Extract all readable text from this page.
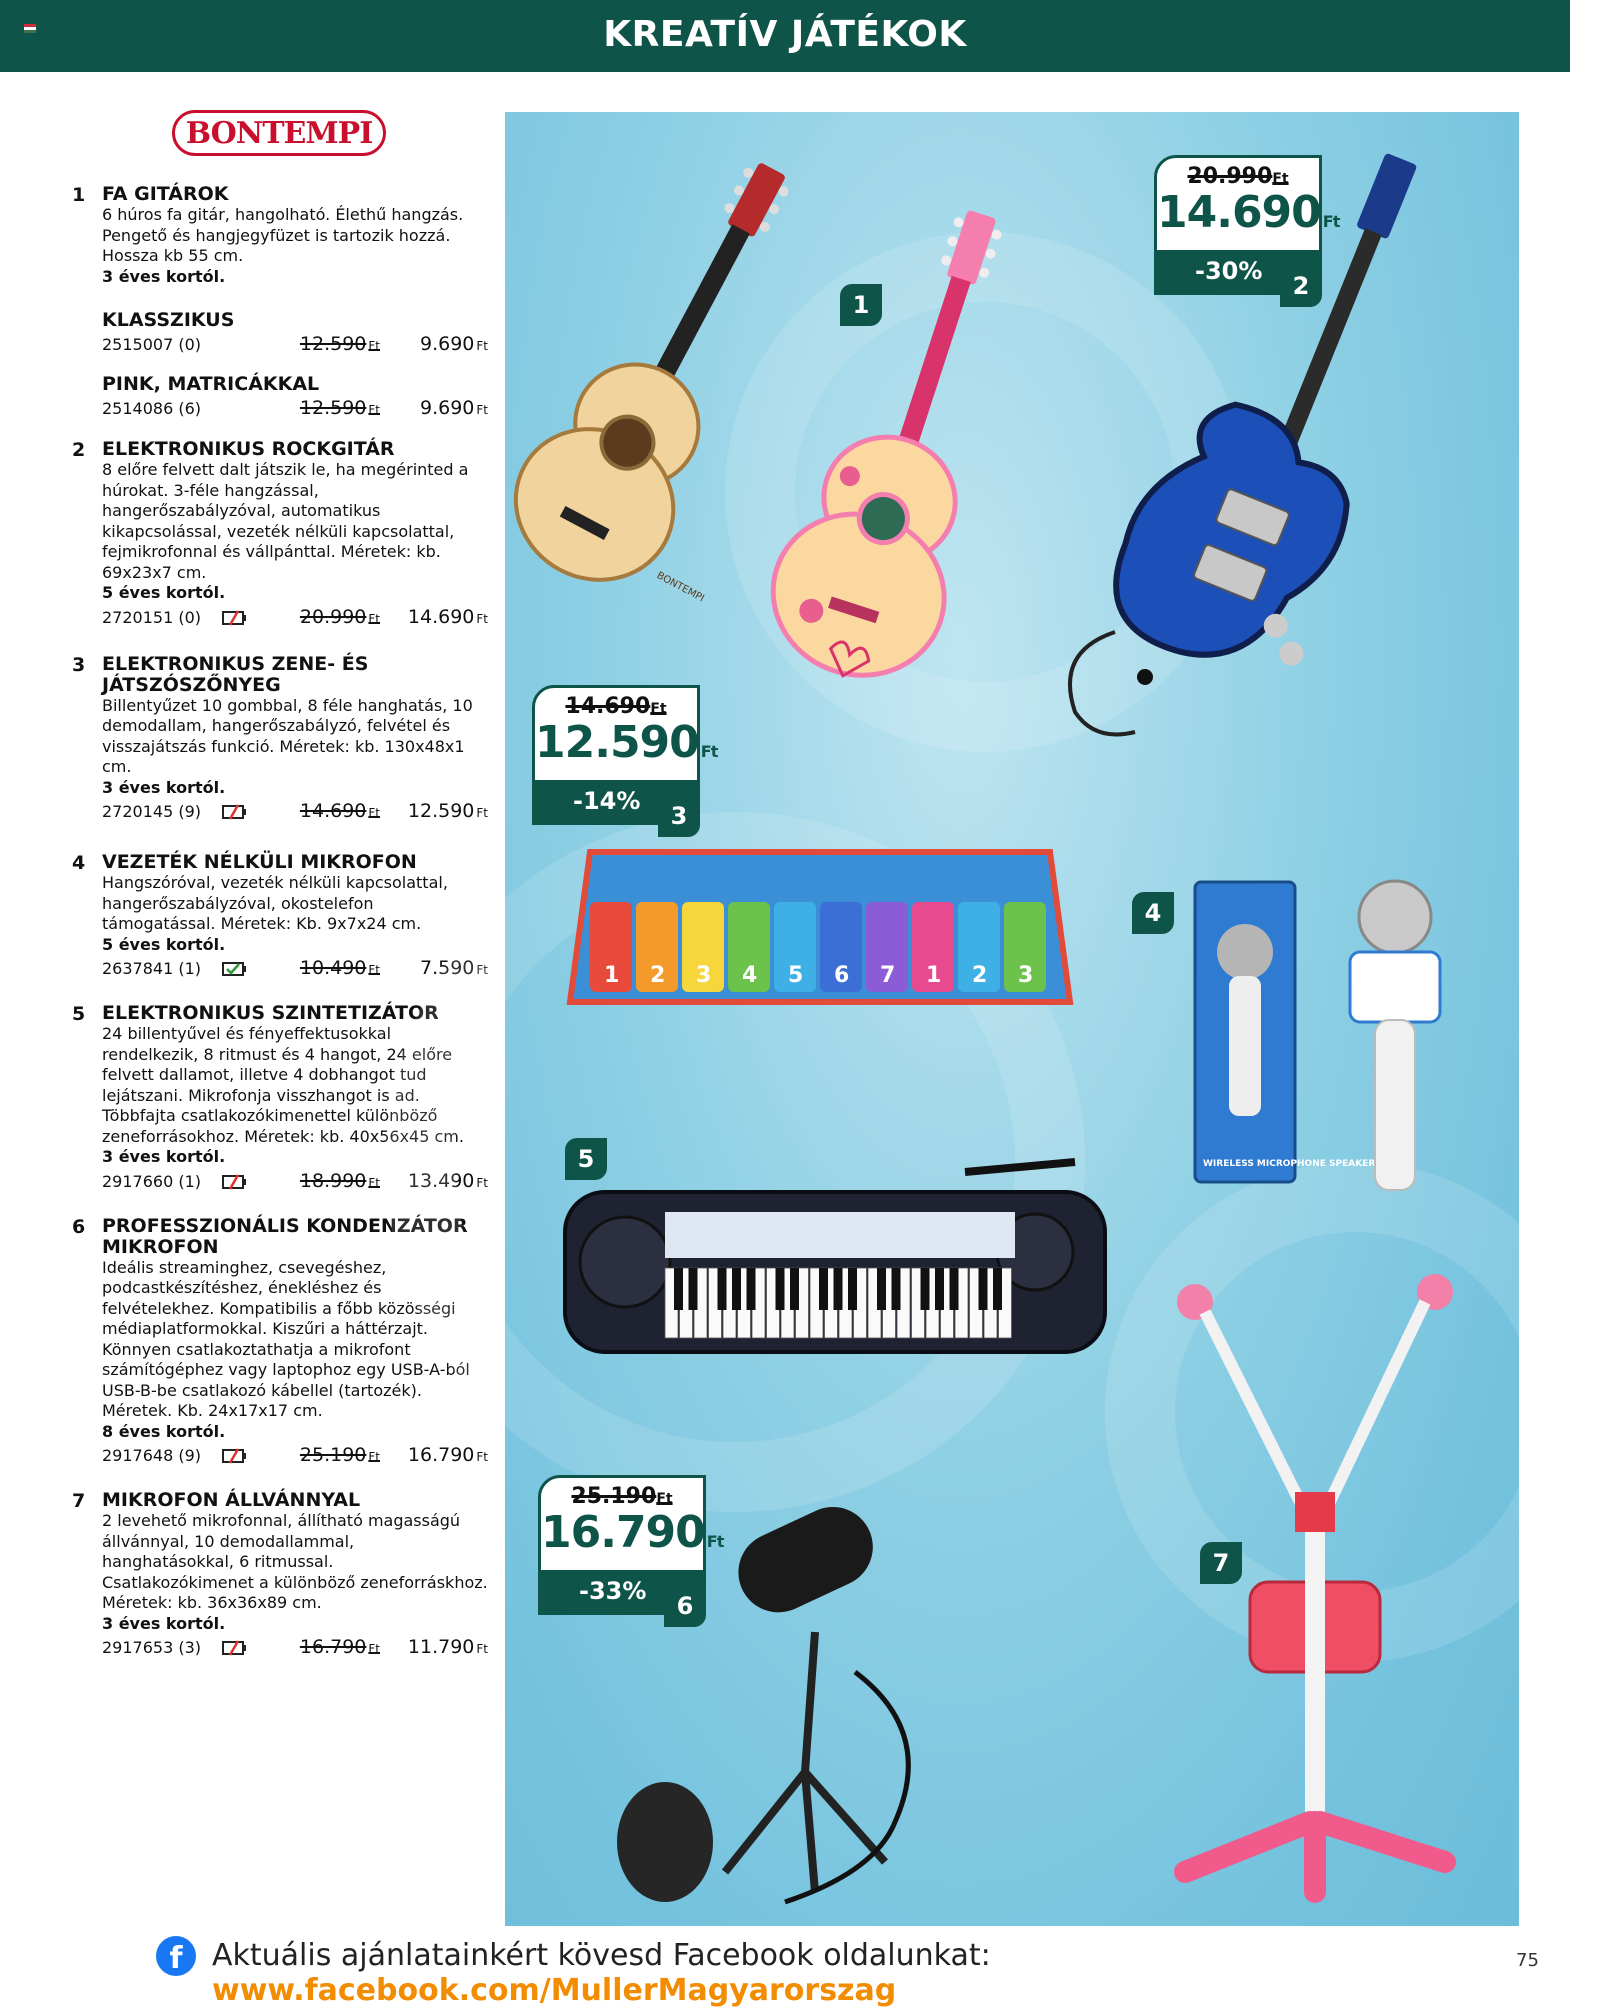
KREATÍV JÁTÉKOK
BONTEMPI
1 FA GITÁROK
6 húros fa gitár, hangolható. Élethű hangzás. Pengető és hangjegyfüzet is tartozik hozzá. Hossza kb 55 cm.
3 éves kortól.
KLASSZIKUS
2515007 (0)	12.590 Ft 9.690 Ft
PINK, MATRICÁKKAL
2514086 (6)	12.590 Ft 9.690 Ft
2 ELEKTRONIKUS ROCKGITÁR
8 előre felvett dalt játszik le, ha megérinted a húrokat. 3-féle hangzással, hangerőszabályzóval, automatikus kikapcsolással, vezeték nélküli kapcsolattal, fejmikrofonnal és vállpánttal. Méretek: kb. 69x23x7 cm.
5 éves kortól.
2720151 (0)	20.990 Ft 14.690 Ft
3 ELEKTRONIKUS ZENE- ÉS JÁTSZÓSZŐNYEG
Billentyűzet 10 gombbal, 8 féle hanghatás, 10 demodallam, hangerőszabályzó, felvétel és visszajátszás funkció. Méretek: kb. 130x48x1 cm.
3 éves kortól.
2720145 (9)	14.690 Ft 12.590 Ft
4 VEZETÉK NÉLKÜLI MIKROFON
Hangszóróval, vezeték nélküli kapcsolattal, hangerőszabályzóval, okostelefon támogatással. Méretek: Kb. 9x7x24 cm.
5 éves kortól.
2637841 (1)	10.490 Ft 7.590 Ft
5 ELEKTRONIKUS SZINTETIZÁTOR
24 billentyűvel és fényeffektusokkal rendelkezik, 8 ritmust és 4 hangot, 24 előre felvett dallamot, illetve 4 dobhangot tud lejátszani. Mikrofonja visszhangot is ad. Többfajta csatlakozókimenettel különböző zeneforrásokhoz. Méretek: kb. 40x56x45 cm.
3 éves kortól.
2917660 (1)	18.990 Ft 13.490 Ft
6 PROFESSZIONÁLIS KONDENZÁTOR MIKROFON
Ideális streaminghez, csevegéshez, podcastkészítéshez, énekléshez és felvételekhez. Kompatibilis a főbb közösségi médiaplatformokkal. Kiszűri a háttérzajt. Könnyen csatlakoztathatja a mikrofont számítógéphez vagy laptophoz egy USB-A-ból USB-B-be csatlakozó kábellel (tartozék). Méretek. Kb. 24x17x17 cm.
8 éves kortól.
2917648 (9)	25.190 Ft 16.790 Ft
7 MIKROFON ÁLLVÁNNYAL
2 levehető mikrofonnal, állítható magasságú állvánnyal, 10 demodallammal, hanghatásokkal, 6 ritmussal. Csatlakozókimenet a különböző zeneforráskhoz. Méretek: kb. 36x36x89 cm.
3 éves kortól.
2917653 (3)	16.790 Ft 11.790 Ft
BONTEMPI
1 2 3 4 5 6 7 1 2 3
WIRELESS MICROPHONE SPEAKER
20.990Ft
14.690 Ft
-30%
2
14.690Ft
12.590 Ft
-14%
3
25.190Ft
16.790 Ft
-33%
6
1
4
5
7
f Aktuális ajánlatainkért kövesd Facebook oldalunkat: www.facebook.com/MullerMagyarorszag
75
